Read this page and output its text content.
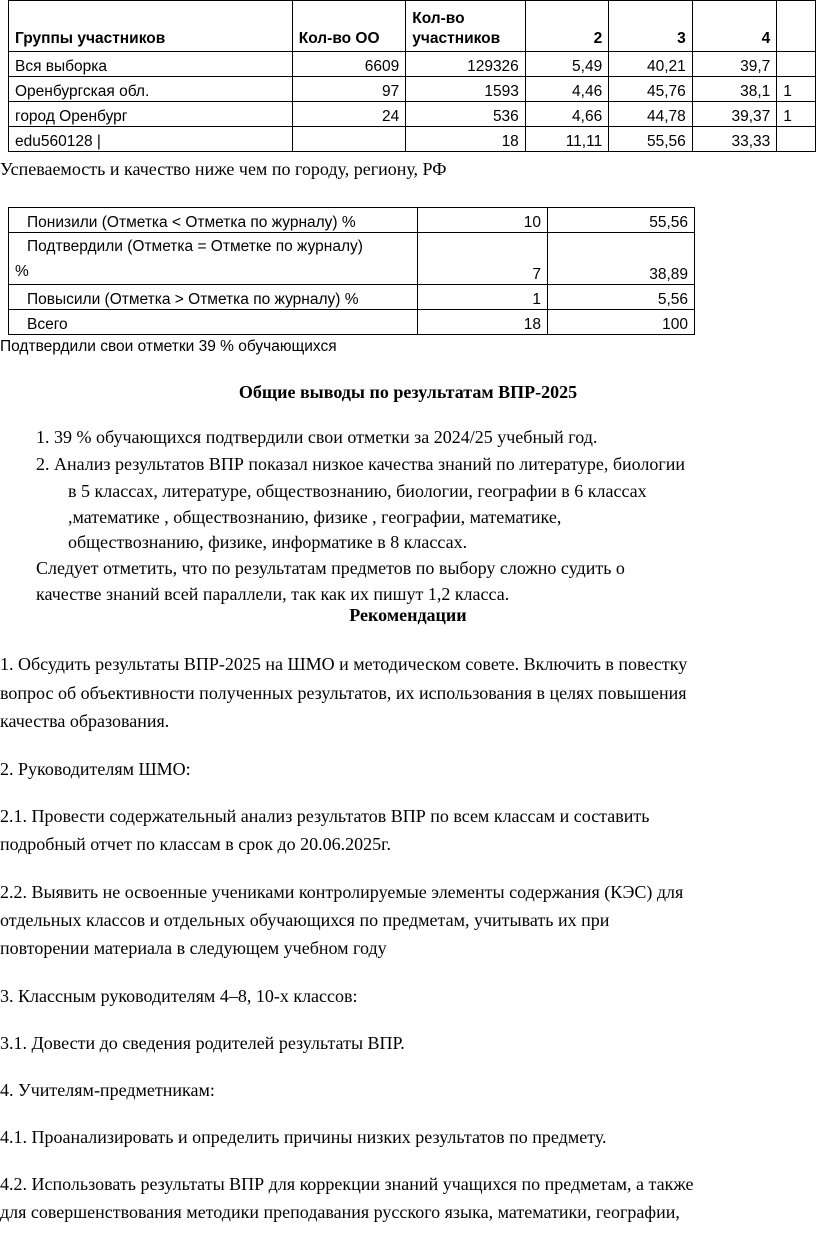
Группы участников	Кол-во ОО	Кол-во
участников	2	3	4	
Вся выборка	6609	129326	5,49	40,21	39,7	
Оренбургская обл.	97	1593	4,46	45,76	38,1	1
город Оренбург	24	536	4,66	44,78	39,37	1
edu560128 |		18	11,11	55,56	33,33	
Успеваемость и качество ниже чем по городу, региону, РФ
Понизили (Отметка < Отметка по журналу) %	10	55,56
Подтвердили (Отметка = Отметке по журналу)
%	7	38,89
Повысили (Отметка > Отметка по журналу) %	1	5,56
Всего	18	100
Подтвердили свои отметки 39 % обучающихся
Общие выводы по результатам ВПР-2025
1. 39 % обучающихся подтвердили свои отметки за 2024/25 учебный год.
2. Анализ результатов ВПР показал низкое качества знаний по литературе, биологии
в 5 классах, литературе, обществознанию, биологии, географии в 6 классах
,математике , обществознанию, физике , географии, математике,
обществознанию, физике, информатике в 8 классах.
Следует отметить, что по результатам предметов по выбору сложно судить о
качестве знаний всей параллели, так как их пишут 1,2 класса.
Рекомендации
1. Обсудить результаты ВПР-2025 на ШМО и методическом совете. Включить в повестку
вопрос об объективности полученных результатов, их использования в целях повышения
качества образования.
2. Руководителям ШМО:
2.1. Провести содержательный анализ результатов ВПР по всем классам и составить
подробный отчет по классам в срок до 20.06.2025г.
2.2. Выявить не освоенные учениками контролируемые элементы содержания (КЭС) для
отдельных классов и отдельных обучающихся по предметам, учитывать их при
повторении материала в следующем учебном году
3. Классным руководителям 4–8, 10-х классов:
3.1. Довести до сведения родителей результаты ВПР.
4. Учителям-предметникам:
4.1. Проанализировать и определить причины низких результатов по предмету.
4.2. Использовать результаты ВПР для коррекции знаний учащихся по предметам, а также
для совершенствования методики преподавания русского языка, математики, географии,
